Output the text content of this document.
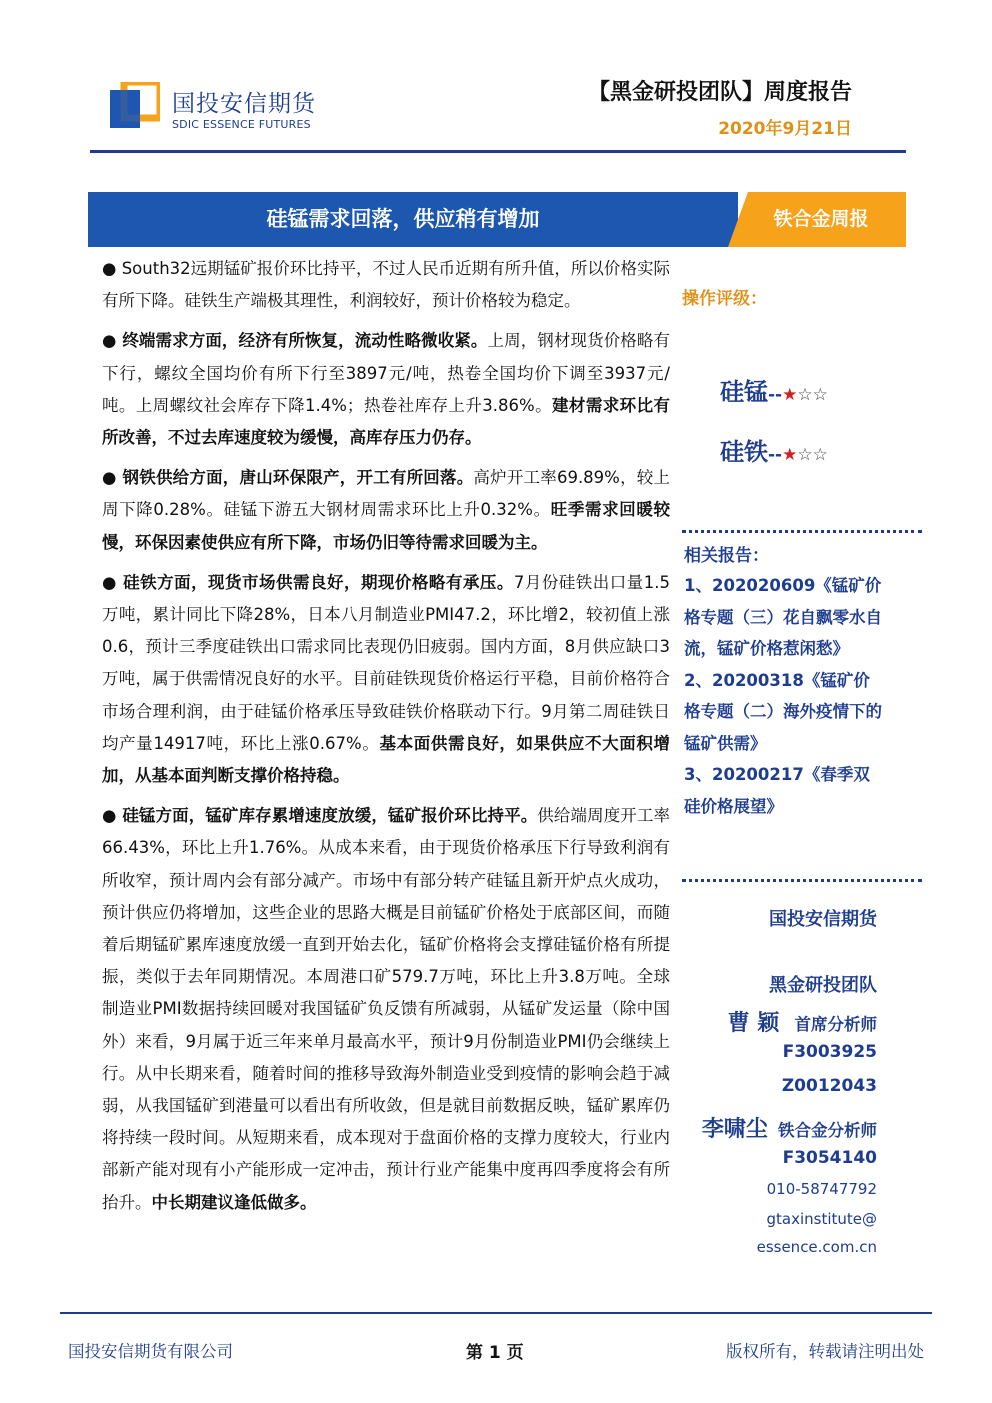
国投安信期货
SDIC ESSENCE FUTURES
【黑金研投团队】周度报告
2020年9月21日
硅锰需求回落，供应稍有增加	铁合金周报

● South32远期锰矿报价环比持平，不过人民币近期有所升值，所以价格实际有所下降。硅铁生产端极其理性，利润较好，预计价格较为稳定。

● 终端需求方面，经济有所恢复，流动性略微收紧。上周，钢材现货价格略有下行，螺纹全国均价有所下行至3897元/吨，热卷全国均价下调至3937元/吨。上周螺纹社会库存下降1.4%；热卷社库存上升3.86%。建材需求环比有所改善，不过去库速度较为缓慢，高库存压力仍存。

● 钢铁供给方面，唐山环保限产，开工有所回落。高炉开工率69.89%，较上周下降0.28%。硅锰下游五大钢材周需求环比上升0.32%。旺季需求回暖较慢，环保因素使供应有所下降，市场仍旧等待需求回暖为主。

● 硅铁方面，现货市场供需良好，期现价格略有承压。7月份硅铁出口量1.5万吨，累计同比下降28%，日本八月制造业PMI47.2，环比增2，较初值上涨0.6，预计三季度硅铁出口需求同比表现仍旧疲弱。国内方面，8月供应缺口3万吨，属于供需情况良好的水平。目前硅铁现货价格运行平稳，目前价格符合市场合理利润，由于硅锰价格承压导致硅铁价格联动下行。9月第二周硅铁日均产量14917吨，环比上涨0.67%。基本面供需良好，如果供应不大面积增加，从基本面判断支撑价格持稳。

● 硅锰方面，锰矿库存累增速度放缓，锰矿报价环比持平。供给端周度开工率66.43%，环比上升1.76%。从成本来看，由于现货价格承压下行导致利润有所收窄，预计周内会有部分减产。市场中有部分转产硅锰且新开炉点火成功，预计供应仍将增加，这些企业的思路大概是目前锰矿价格处于底部区间，而随着后期锰矿累库速度放缓一直到开始去化，锰矿价格将会支撑硅锰价格有所提振，类似于去年同期情况。本周港口矿579.7万吨，环比上升3.8万吨。全球制造业PMI数据持续回暖对我国锰矿负反馈有所减弱，从锰矿发运量（除中国外）来看，9月属于近三年来单月最高水平，预计9月份制造业PMI仍会继续上行。从中长期来看，随着时间的推移导致海外制造业受到疫情的影响会趋于减弱，从我国锰矿到港量可以看出有所收敛，但是就目前数据反映，锰矿累库仍将持续一段时间。从短期来看，成本现对于盘面价格的支撑力度较大，行业内部新产能对现有小产能形成一定冲击，预计行业产能集中度再四季度将会有所抬升。中长期建议逢低做多。

操作评级：
硅锰--★☆☆
硅铁--★☆☆
相关报告：
1、20202060​9《锰矿价格专题（三）花自飘零水自流，锰矿价格惹闲愁》
2、20200318《锰矿价格专题（二）海外疫情下的锰矿供需》
3、20200217《春季双硅价格展望》
国投安信期货
黑金研投团队
曹 颖 首席分析师
F3003925
Z0012043
李啸尘 铁合金分析师
F3054140
010-58747792
gtaxinstitute@
essence.com.cn
国投安信期货有限公司	第 1 页	版权所有，转载请注明出处
